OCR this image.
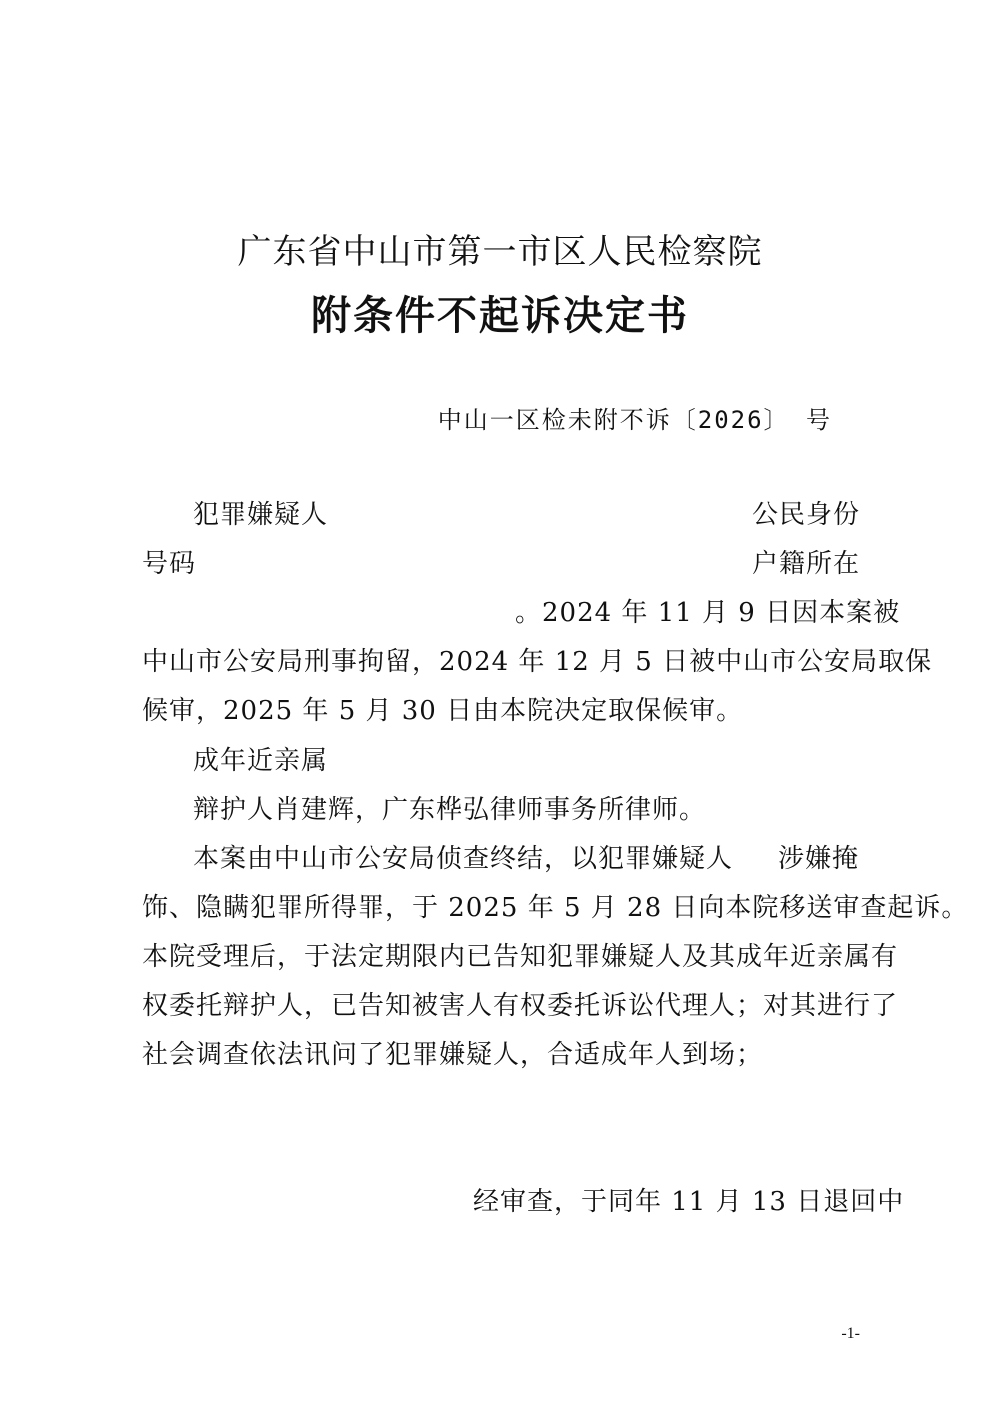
广东省中山市第一市区人民检察院
附条件不起诉决定书
中山一区检未附不诉〔2026〕 号
犯罪嫌疑人	公民身份
号码	户籍所在
。2024 年 11 月 9 日因本案被
中山市公安局刑事拘留，2024 年 12 月 5 日被中山市公安局取保
候审，2025 年 5 月 30 日由本院决定取保候审。
成年近亲属
辩护人肖建辉，广东桦弘律师事务所律师。
本案由中山市公安局侦查终结，以犯罪嫌疑人 涉嫌掩
饰、隐瞒犯罪所得罪，于 2025 年 5 月 28 日向本院移送审查起诉。
本院受理后，于法定期限内已告知犯罪嫌疑人及其成年近亲属有
权委托辩护人，已告知被害人有权委托诉讼代理人；对其进行了
社会调查依法讯问了犯罪嫌疑人，合适成年人到场；
经审查，于同年 11 月 13 日退回中
-1-
